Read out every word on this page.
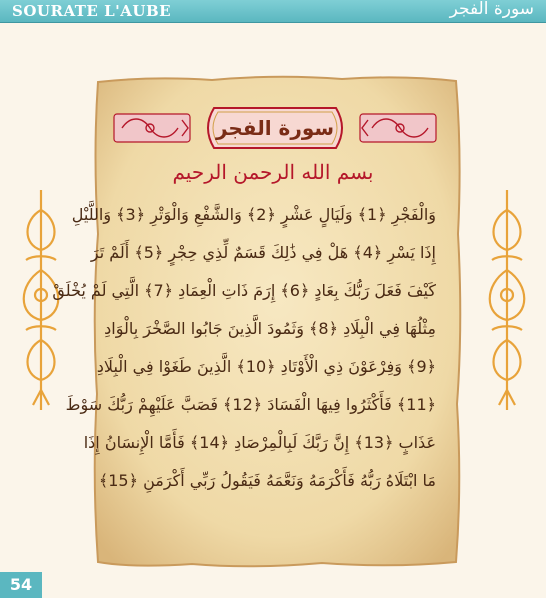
SOURATE L'AUBE	سورة الفجر
سورة الفجر
بسم الله الرحمن الرحيم
وَالْفَجْرِ ﴿1﴾ وَلَيَالٍ عَشْرٍ ﴿2﴾ وَالشَّفْعِ وَالْوَتْرِ ﴿3﴾ وَاللَّيْلِ
إِذَا يَسْرِ ﴿4﴾ هَلْ فِي ذَٰلِكَ قَسَمٌ لِّذِي حِجْرٍ ﴿5﴾ أَلَمْ تَرَ
كَيْفَ فَعَلَ رَبُّكَ بِعَادٍ ﴿6﴾ إِرَمَ ذَاتِ الْعِمَادِ ﴿7﴾ الَّتِي لَمْ يُخْلَقْ
مِثْلُهَا فِي الْبِلَادِ ﴿8﴾ وَثَمُودَ الَّذِينَ جَابُوا الصَّخْرَ بِالْوَادِ
﴿9﴾ وَفِرْعَوْنَ ذِي الْأَوْتَادِ ﴿10﴾ الَّذِينَ طَغَوْا فِي الْبِلَادِ
﴿11﴾ فَأَكْثَرُوا فِيهَا الْفَسَادَ ﴿12﴾ فَصَبَّ عَلَيْهِمْ رَبُّكَ سَوْطَ
عَذَابٍ ﴿13﴾ إِنَّ رَبَّكَ لَبِالْمِرْصَادِ ﴿14﴾ فَأَمَّا الْإِنسَانُ إِذَا
مَا ابْتَلَاهُ رَبُّهُ فَأَكْرَمَهُ وَنَعَّمَهُ فَيَقُولُ رَبِّي أَكْرَمَنِ ﴿15﴾
54
